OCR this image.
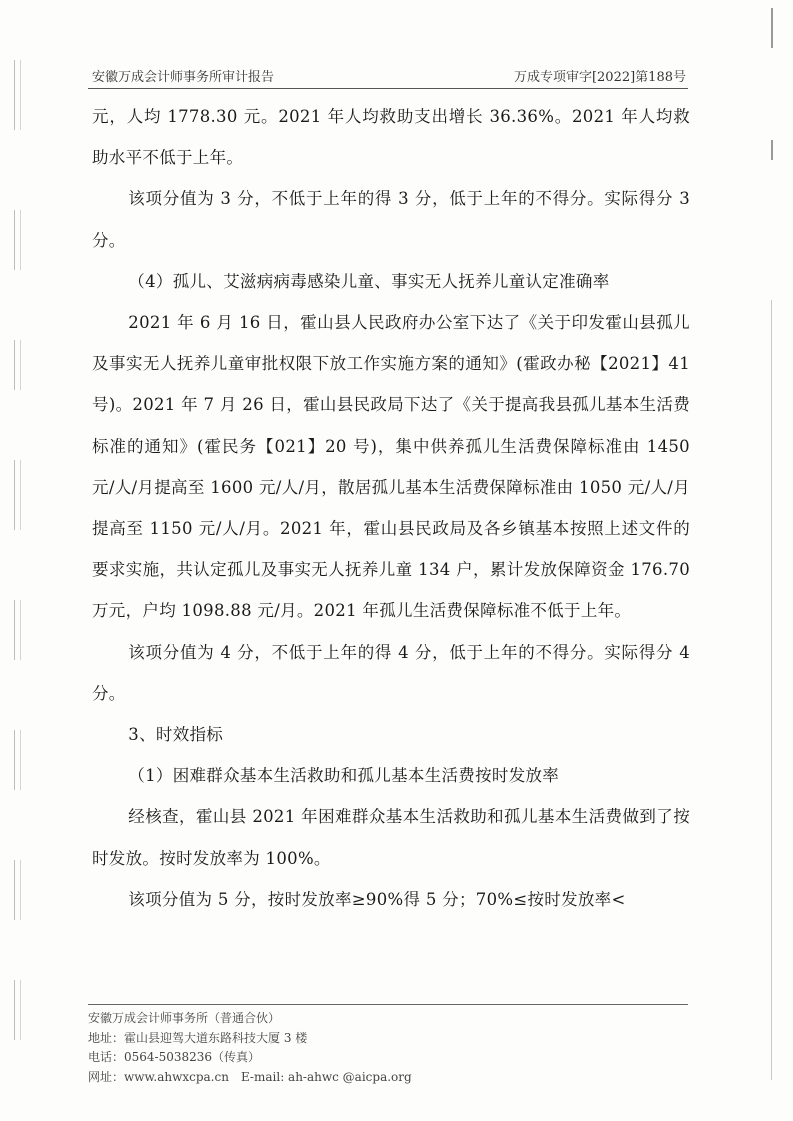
安徽万成会计师事务所审计报告	万成专项审字[2022]第188号

元，人均 1778.30 元。2021 年人均救助支出增长 36.36%。2021 年人均救助水平不低于上年。

该项分值为 3 分，不低于上年的得 3 分，低于上年的不得分。实际得分 3 分。

（4）孤儿、艾滋病病毒感染儿童、事实无人抚养儿童认定准确率

2021 年 6 月 16 日，霍山县人民政府办公室下达了《关于印发霍山县孤儿及事实无人抚养儿童审批权限下放工作实施方案的通知》(霍政办秘【2021】41 号)。2021 年 7 月 26 日，霍山县民政局下达了《关于提高我县孤儿基本生活费标准的通知》(霍民务【021】20 号)，集中供养孤儿生活费保障标准由 1450 元/人/月提高至 1600 元/人/月，散居孤儿基本生活费保障标准由 1050 元/人/月提高至 1150 元/人/月。2021 年，霍山县民政局及各乡镇基本按照上述文件的要求实施，共认定孤儿及事实无人抚养儿童 134 户，累计发放保障资金 176.70 万元，户均 1098.88 元/月。2021 年孤儿生活费保障标准不低于上年。

该项分值为 4 分，不低于上年的得 4 分，低于上年的不得分。实际得分 4 分。

3、时效指标

（1）困难群众基本生活救助和孤儿基本生活费按时发放率

经核查，霍山县 2021 年困难群众基本生活救助和孤儿基本生活费做到了按时发放。按时发放率为 100%。

该项分值为 5 分，按时发放率≥90%得 5 分；70%≤按时发放率<

安徽万成会计师事务所（普通合伙）
地址：霍山县迎驾大道东路科技大厦 3 楼
电话：0564-5038236（传真）
网址：www.ahwxcpa.cn　E-mail: ah-ahwc @aicpa.org
